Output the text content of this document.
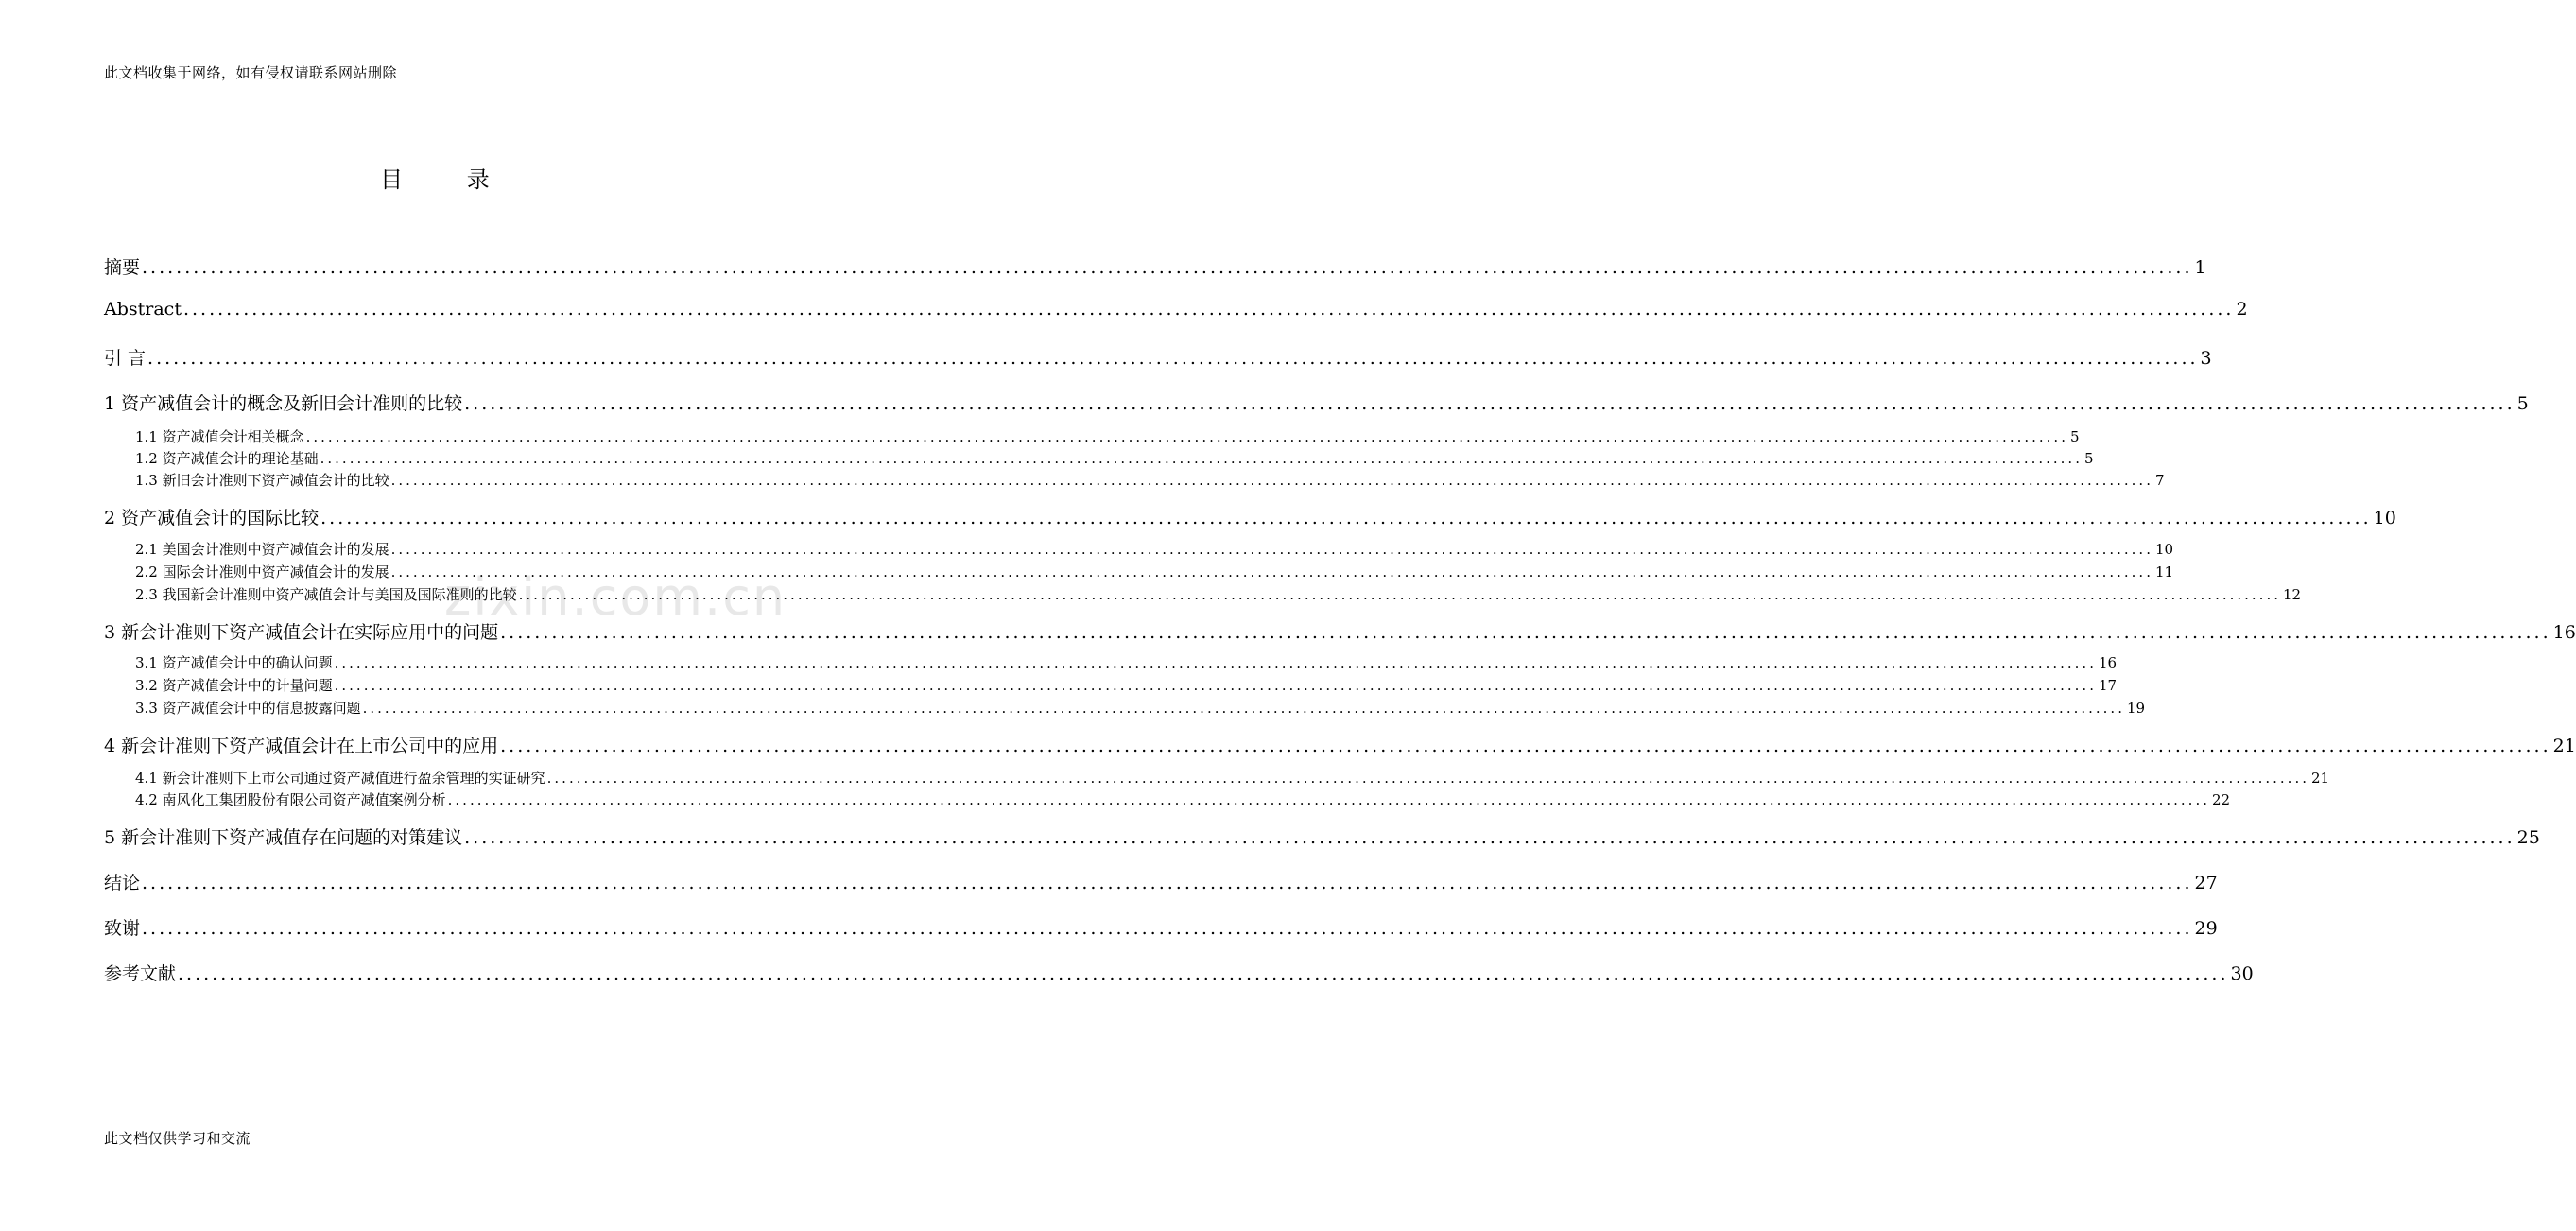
此文档收集于网络，如有侵权请联系网站删除
目 录
zixin.com.cn
摘要 ................................................................................................................................................................................................................................................ 1
Abstract ................................................................................................................................................................................................................................................ 2
引 言 ................................................................................................................................................................................................................................................ 3
1 资产减值会计的概念及新旧会计准则的比较 ................................................................................................................................................................................................................................................ 5
1.1 资产减值会计相关概念 ................................................................................................................................................................................................................................................ 5
1.2 资产减值会计的理论基础 ................................................................................................................................................................................................................................................ 5
1.3 新旧会计准则下资产减值会计的比较 ................................................................................................................................................................................................................................................ 7
2 资产减值会计的国际比较 ................................................................................................................................................................................................................................................ 10
2.1 美国会计准则中资产减值会计的发展 ................................................................................................................................................................................................................................................ 10
2.2 国际会计准则中资产减值会计的发展 ................................................................................................................................................................................................................................................ 11
2.3 我国新会计准则中资产减值会计与美国及国际准则的比较 ................................................................................................................................................................................................................................................ 12
3 新会计准则下资产减值会计在实际应用中的问题 ................................................................................................................................................................................................................................................ 16
3.1 资产减值会计中的确认问题 ................................................................................................................................................................................................................................................ 16
3.2 资产减值会计中的计量问题 ................................................................................................................................................................................................................................................ 17
3.3 资产减值会计中的信息披露问题 ................................................................................................................................................................................................................................................ 19
4 新会计准则下资产减值会计在上市公司中的应用 ................................................................................................................................................................................................................................................ 21
4.1 新会计准则下上市公司通过资产减值进行盈余管理的实证研究 ................................................................................................................................................................................................................................................ 21
4.2 南风化工集团股份有限公司资产减值案例分析 ................................................................................................................................................................................................................................................ 22
5 新会计准则下资产减值存在问题的对策建议 ................................................................................................................................................................................................................................................ 25
结论 ................................................................................................................................................................................................................................................ 27
致谢 ................................................................................................................................................................................................................................................ 29
参考文献 ................................................................................................................................................................................................................................................ 30
此文档仅供学习和交流
